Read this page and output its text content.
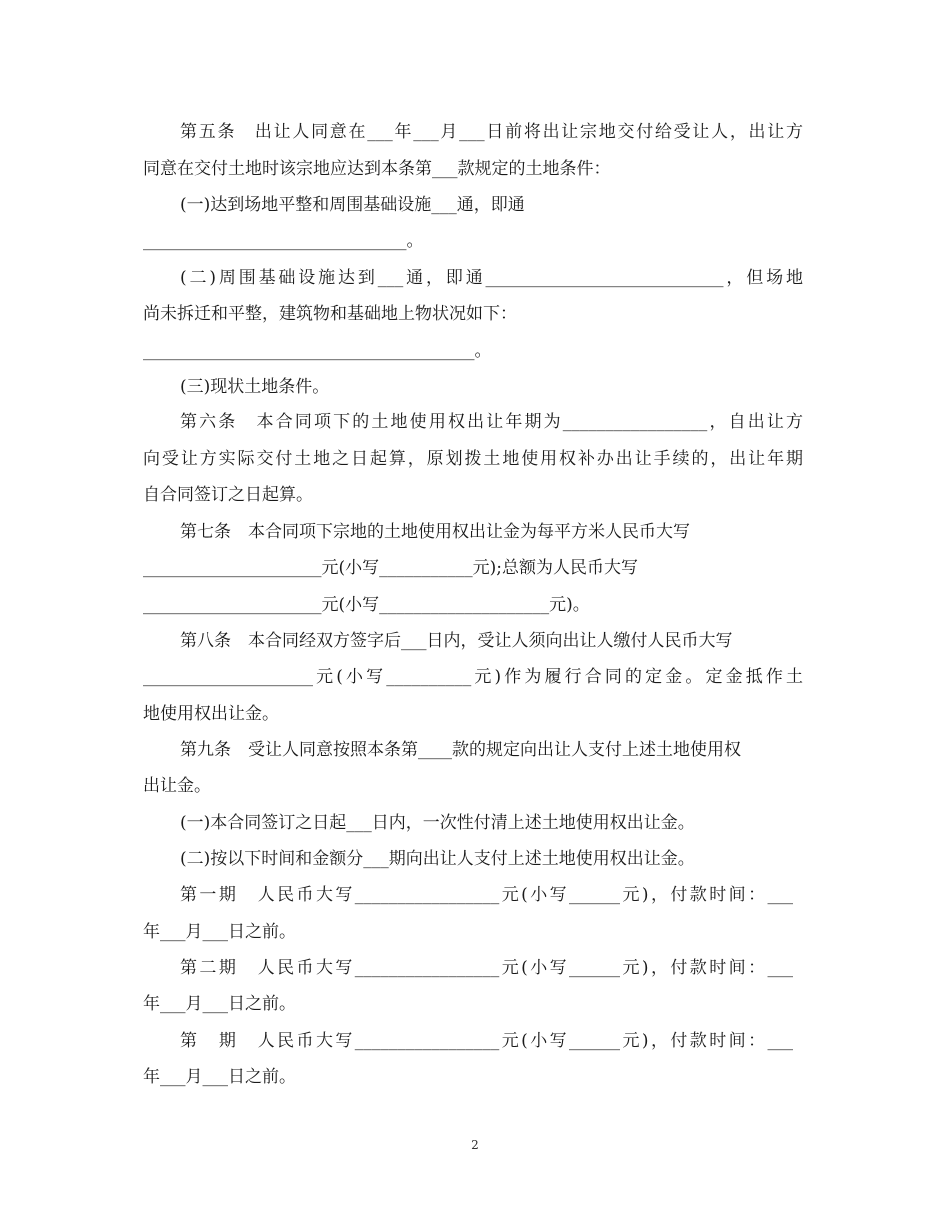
第五条　出让人同意在___年___月___日前将出让宗地交付给受让人，出让方
同意在交付土地时该宗地应达到本条第___款规定的土地条件：
(一)达到场地平整和周围基础设施___通，即通
_______________________________。
(二)周围基础设施达到___通，即通____________________________，但场地
尚未拆迁和平整，建筑物和基础地上物状况如下：
_______________________________________。
(三)现状土地条件。
第六条　本合同项下的土地使用权出让年期为_________________，自出让方
向受让方实际交付土地之日起算，原划拨土地使用权补办出让手续的，出让年期
自合同签订之日起算。
第七条　本合同项下宗地的土地使用权出让金为每平方米人民币大写
_____________________元(小写___________元);总额为人民币大写
_____________________元(小写____________________元)。
第八条　本合同经双方签字后___日内，受让人须向出让人缴付人民币大写
____________________元(小写__________元)作为履行合同的定金。定金抵作土
地使用权出让金。
第九条　受让人同意按照本条第____款的规定向出让人支付上述土地使用权
出让金。
(一)本合同签订之日起___日内，一次性付清上述土地使用权出让金。
(二)按以下时间和金额分___期向出让人支付上述土地使用权出让金。
第一期　人民币大写_________________元(小写______元)，付款时间：___
年___月___日之前。
第二期　人民币大写_________________元(小写______元)，付款时间：___
年___月___日之前。
第　期　人民币大写_________________元(小写______元)，付款时间：___
年___月___日之前。
2
